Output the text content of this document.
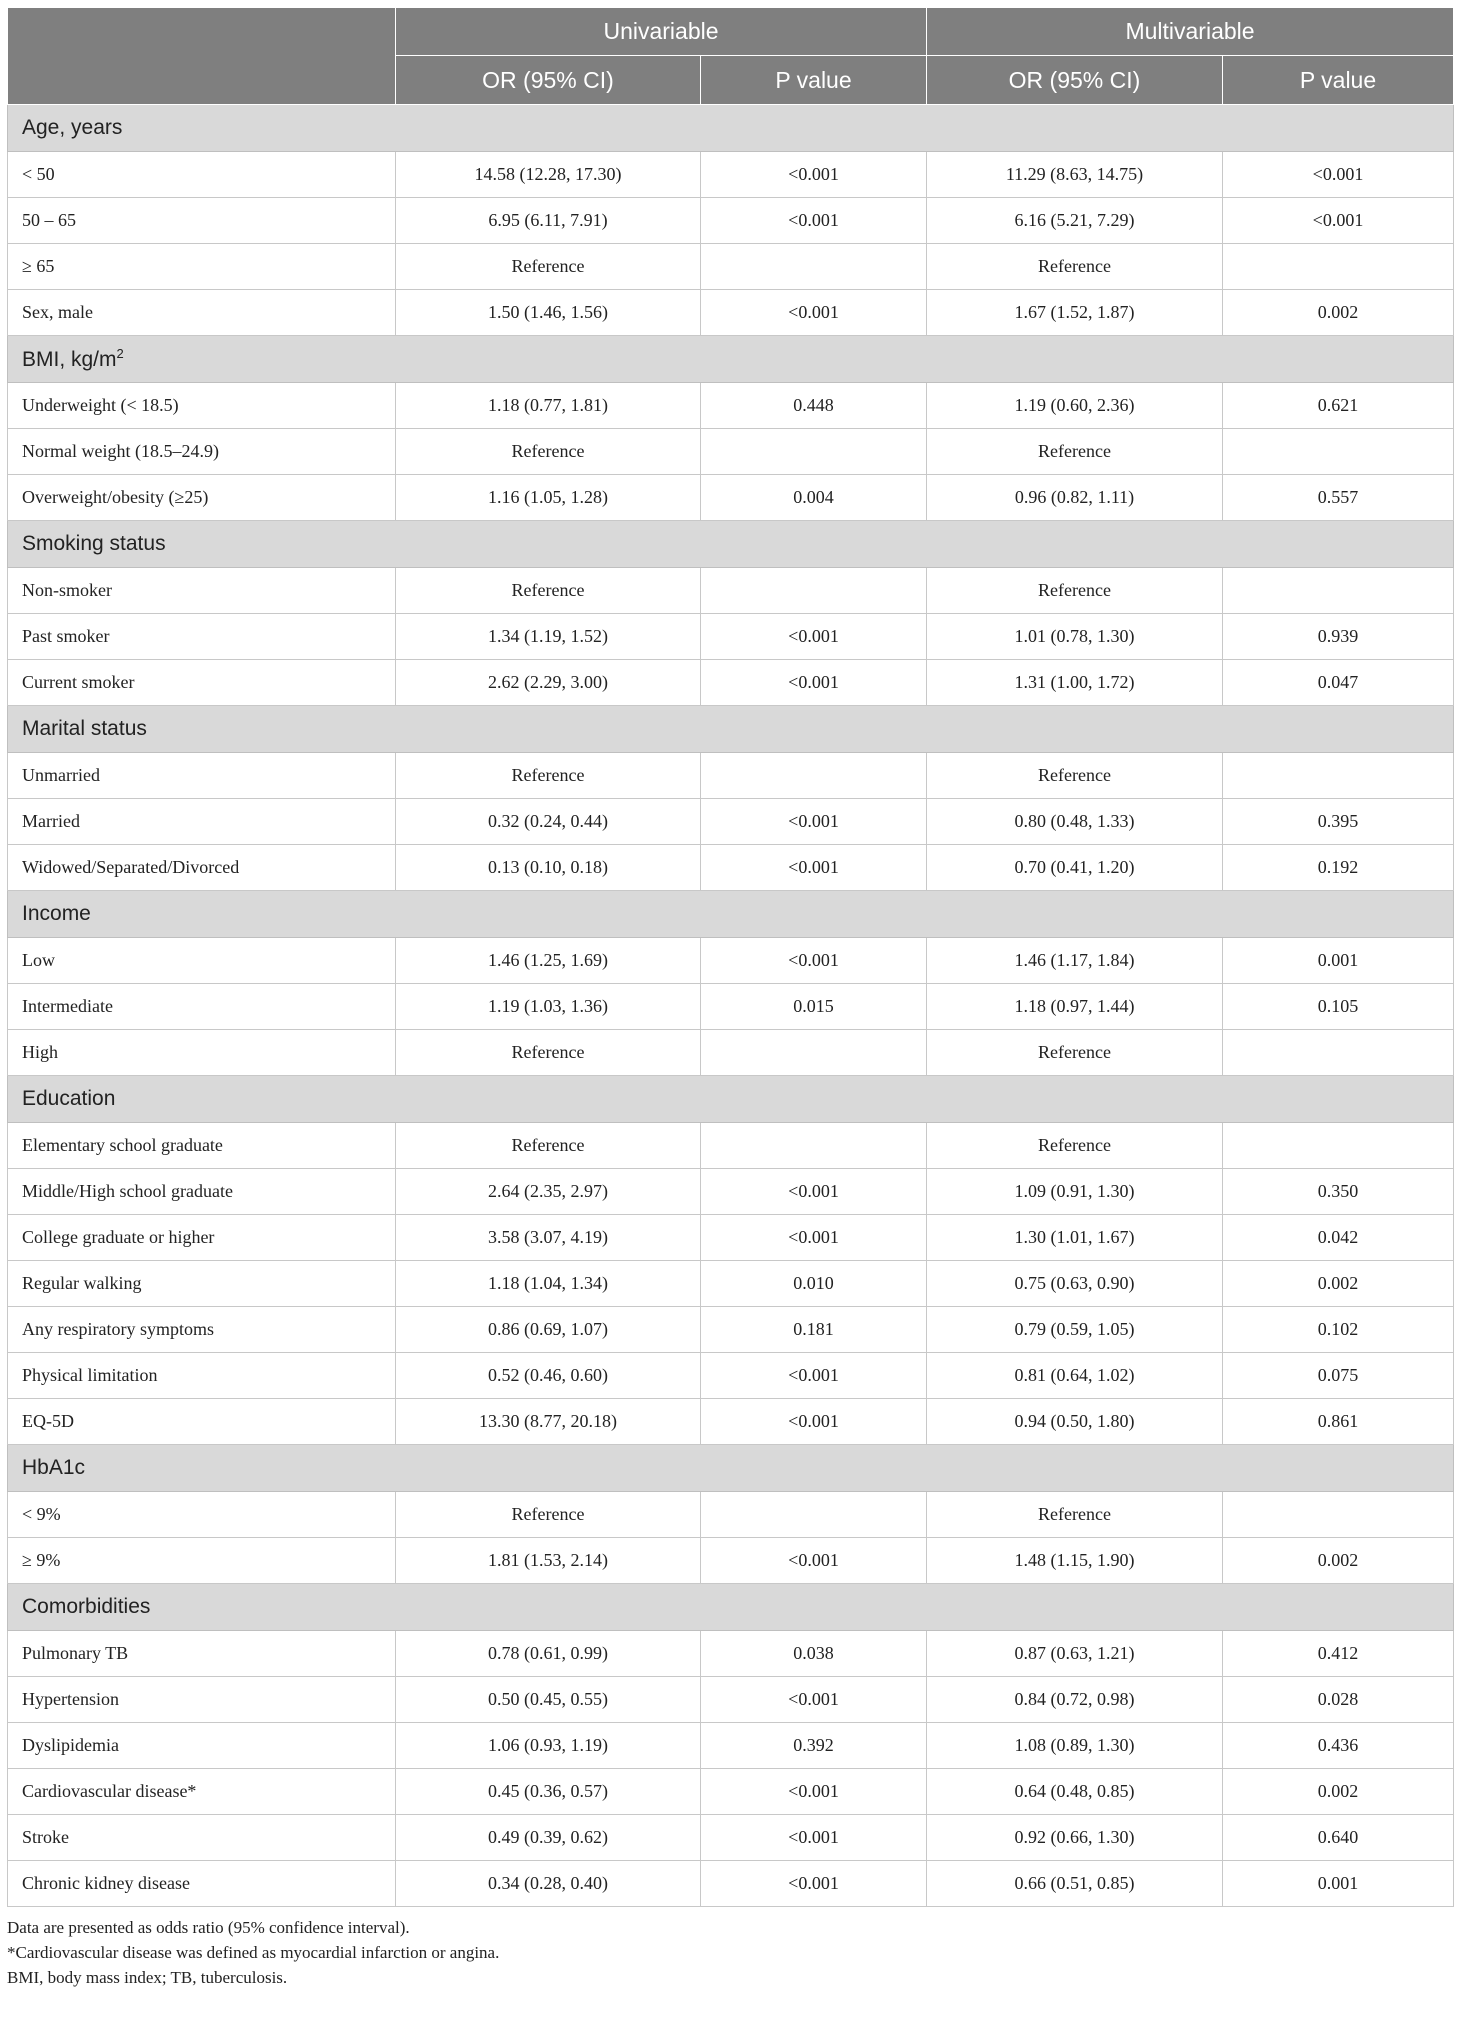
	Univariable		Multivariable	
	OR (95% CI)	P value	OR (95% CI)	P value
Age, years				
< 50	14.58 (12.28, 17.30)	<0.001	11.29 (8.63, 14.75)	<0.001
50 – 65	6.95 (6.11, 7.91)	<0.001	6.16 (5.21, 7.29)	<0.001
≥ 65	Reference		Reference	
Sex, male	1.50 (1.46, 1.56)	<0.001	1.67 (1.52, 1.87)	0.002
BMI, $kg/m^2$
Underweight (< 18.5)	1.18 (0.77, 1.81)	0.448	1.19 (0.60, 2.36)	0.621
Normal weight (18.5–24.9)	Reference		Reference	
Overweight/obesity (≥25)	1.16 (1.05, 1.28)	0.004	0.96 (0.82, 1.11)	0.557
Smoking status				
Non-smoker	Reference		Reference	
Past smoker	1.34 (1.19, 1.52)	<0.001	1.01 (0.78, 1.30)	0.939
Current smoker	2.62 (2.29, 3.00)	<0.001	1.31 (1.00, 1.72)	0.047
Marital status				
Unmarried	Reference		Reference	
Married	0.32 (0.24, 0.44)	<0.001	0.80 (0.48, 1.33)	0.395
Widowed/Separated/Divorced	0.13 (0.10, 0.18)	<0.001	0.70 (0.41, 1.20)	0.192
Income				
Low	1.46 (1.25, 1.69)	<0.001	1.46 (1.17, 1.84)	0.001
Intermediate	1.19 (1.03, 1.36)	0.015	1.18 (0.97, 1.44)	0.105
High	Reference		Reference	
Education				
Elementary school graduate	Reference		Reference	
Middle/High school graduate	2.64 (2.35, 2.97)	<0.001	1.09 (0.91, 1.30)	0.350
College graduate or higher	3.58 (3.07, 4.19)	<0.001	1.30 (1.01, 1.67)	0.042
Regular walking	1.18 (1.04, 1.34)	0.010	0.75 (0.63, 0.90)	0.002
Any respiratory symptoms	0.86 (0.69, 1.07)	0.181	0.79 (0.59, 1.05)	0.102
Physical limitation	0.52 (0.46, 0.60)	<0.001	0.81 (0.64, 1.02)	0.075
EQ-5D	13.30 (8.77, 20.18)	<0.001	0.94 (0.50, 1.80)	0.861
HbA1c				
< 9%	Reference		Reference	
≥ 9%	1.81 (1.53, 2.14)	<0.001	1.48 (1.15, 1.90)	0.002
Comorbidities				
Pulmonary TB	0.78 (0.61, 0.99)	0.038	0.87 (0.63, 1.21)	0.412
Hypertension	0.50 (0.45, 0.55)	<0.001	0.84 (0.72, 0.98)	0.028
Dyslipidemia	1.06 (0.93, 1.19)	0.392	1.08 (0.89, 1.30)	0.436
Cardiovascular disease*	0.45 (0.36, 0.57)	<0.001	0.64 (0.48, 0.85)	0.002
Stroke	0.49 (0.39, 0.62)	<0.001	0.92 (0.66, 1.30)	0.640
Chronic kidney disease	0.34 (0.28, 0.40)	<0.001	0.66 (0.51, 0.85)	0.001

Data are presented as odds ratio (95% confidence interval).

*Cardiovascular disease was defined as myocardial infarction or angina.

BMI, body mass index; TB, tuberculosis.
